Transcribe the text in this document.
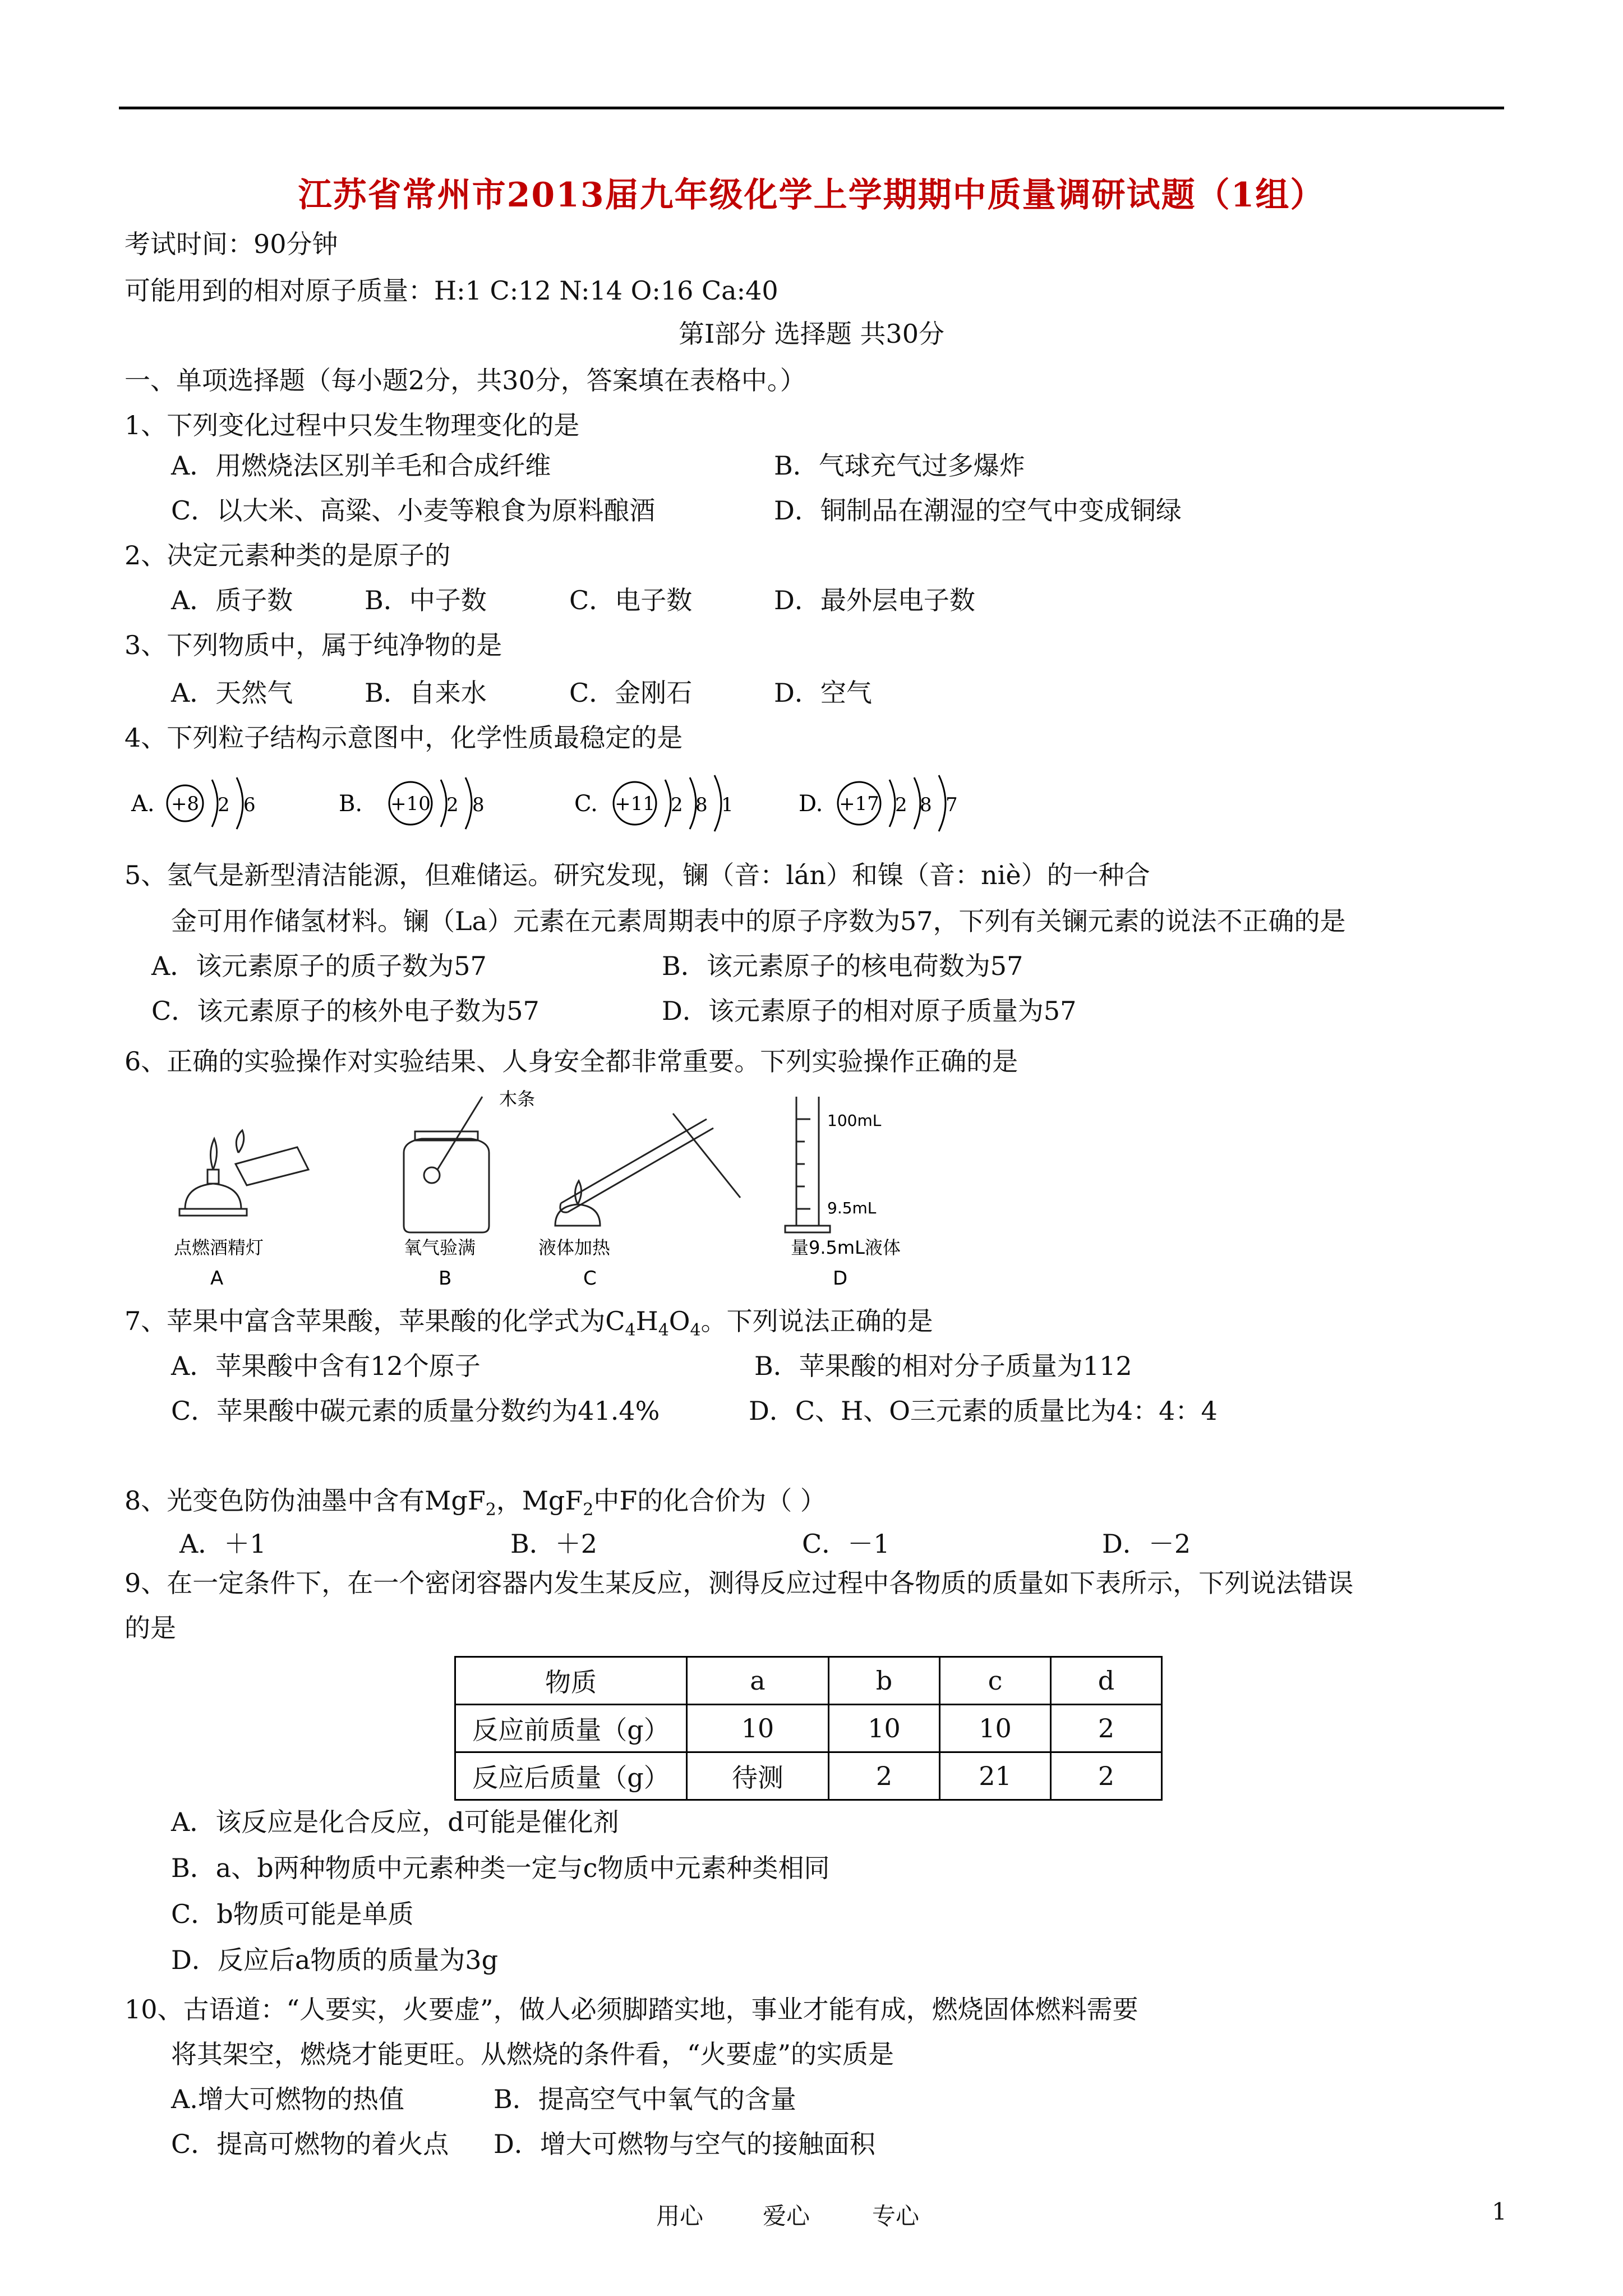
江苏省常州市2013届九年级化学上学期期中质量调研试题（1组）
考试时间：90分钟
可能用到的相对原子质量：H:1 C:12 N:14 O:16 Ca:40
第Ⅰ部分 选择题 共30分
一、单项选择题（每小题2分，共30分，答案填在表格中。）
1、下列变化过程中只发生物理变化的是
A．用燃烧法区别羊毛和合成纤维	B．气球充气过多爆炸
C．以大米、高粱、小麦等粮食为原料酿酒	D．铜制品在潮湿的空气中变成铜绿
2、决定元素种类的是原子的
A．质子数	B．中子数	C．电子数	D．最外层电子数
3、下列物质中，属于纯净物的是
A．天然气	B．自来水	C．金刚石	D．空气
4、下列粒子结构示意图中，化学性质最稳定的是
A. +8 2 6	B. +10 2 8	C. +11 2 8 1	D. +17 2 8 7
5、氢气是新型清洁能源，但难储运。研究发现，镧（音：lán）和镍（音：niè）的一种合
金可用作储氢材料。镧（La）元素在元素周期表中的原子序数为57，下列有关镧元素的说法不正确的是
A．该元素原子的质子数为57	B．该元素原子的核电荷数为57
C．该元素原子的核外电子数为57	D．该元素原子的相对原子质量为57
6、正确的实验操作对实验结果、人身安全都非常重要。下列实验操作正确的是
点燃酒精灯
A
木条
氧气验满
B
液体加热
C
100mL
9.5mL
量9.5mL液体
D
7、苹果中富含苹果酸，苹果酸的化学式为$C_4H_4O_4$。下列说法正确的是
A．苹果酸中含有12个原子	B．苹果酸的相对分子质量为112
C．苹果酸中碳元素的质量分数约为41.4%	D．C、H、O三元素的质量比为4：4：4
8、光变色防伪油墨中含有MgF$_2$，MgF$_2$中F的化合价为（ ）
A．＋1	B．＋2	C．－1	D．－2
9、在一定条件下，在一个密闭容器内发生某反应，测得反应过程中各物质的质量如下表所示，下列说法错误
的是
物质	a	b	c	d
反应前质量（g）	10	10	10	2
反应后质量（g）	待测	2	21	2
A．该反应是化合反应，d可能是催化剂
B．a、b两种物质中元素种类一定与c物质中元素种类相同
C．b物质可能是单质
D．反应后a物质的质量为3g
10、古语道：“人要实，火要虚”，做人必须脚踏实地，事业才能有成，燃烧固体燃料需要
将其架空，燃烧才能更旺。从燃烧的条件看，“火要虚”的实质是
A.增大可燃物的热值	B．提高空气中氧气的含量
C．提高可燃物的着火点 D．增大可燃物与空气的接触面积
用心	爱心	专心	1
